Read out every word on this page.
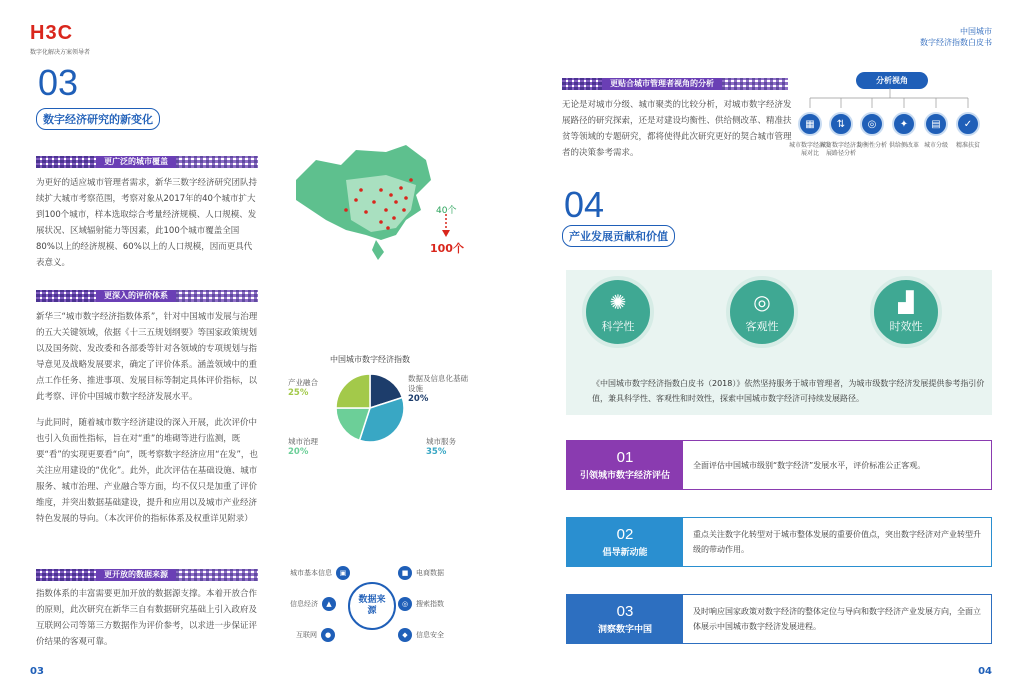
H3C
数字化解决方案领导者
03
数字经济研究的新变化
更广泛的城市覆盖
为更好的适应城市管理者需求，新华三数字经济研究团队持续扩大城市考察范围，考察对象从2017年的40个城市扩大到100个城市，样本选取综合考量经济规模、人口规模、发展状况、区域辐射能力等因素，此100个城市覆盖全国80%以上的经济规模、60%以上的人口规模，因而更具代表意义。
40个
100个
更深入的评价体系
新华三“城市数字经济指数体系”，针对中国城市发展与治理的五大关键领域，依据《十三五规划纲要》等国家政策规划以及国务院、发改委和各部委等针对各领域的专项规划与指导意见及战略发展要求，确定了评价体系。涵盖领域中的重点工作任务、推进事项、发展目标等制定具体评价指标，以此考察、评价中国城市数字经济发展水平。
与此同时，随着城市数字经济建设的深入开展，此次评价中也引入负面性指标，旨在对“重”的堆砌等进行监测，既要“看”的实现更要看“向”，既考察数字经济应用“在发”，也关注应用建设的“优化”。此外，此次评估在基础设施、城市服务、城市治理、产业融合等方面，均不仅只是加重了评价维度，并突出数据基础建设，提升和应用以及城市产业经济特色发展的导向。（本次评价的指标体系及权重详见附录）
中国城市数字经济指数
数据及信息化基础设施
20%
城市服务
35%
城市治理
20%
产业融合
25%
更开放的数据来源
指数体系的丰富需要更加开放的数据源支撑。本着开放合作的原则，此次研究在新华三自有数据研究基础上引入政府及互联网公司等第三方数据作为评价参考，以求进一步保证评价结果的客观可靠。
数据来源
城市基本信息	▣
信息经济	▲
互联网	●
■	电商数据
◎	搜索指数
◆	信息安全
03
中国城市
数字经济指数白皮书
更贴合城市管理者视角的分析
无论是对城市分级、城市聚类的比较分析，对城市数字经济发展路径的研究探索，还是对建设均衡性、供给侧改革、精准扶贫等领域的专题研究，都将使得此次研究更好的契合城市管理者的决策参考需求。
分析视角
▦	⇅	◎	✦	▤	✓
城市数字经济发展对比
城市数字经济发展路径分析
均衡性分析 供给侧改革 城市分级	精准扶贫
04
产业发展贡献和价值
✺
科学性
◎
客观性
▟
时效性
《中国城市数字经济指数白皮书（2018）》依然坚持服务于城市管理者，为城市级数字经济发展提供参考指引价值，兼具科学性、客观性和时效性，探索中国城市数字经济可持续发展路径。
01
引领城市数字经济评估
全面评估中国城市级别“数字经济”发展水平，评价标准公正客观。
02
倡导新动能
重点关注数字化转型对于城市整体发展的重要价值点，突出数字经济对产业转型升级的带动作用。
03
洞察数字中国
及时响应国家政策对数字经济的整体定位与导向和数字经济产业发展方向，全面立体展示中国城市数字经济发展进程。
04
